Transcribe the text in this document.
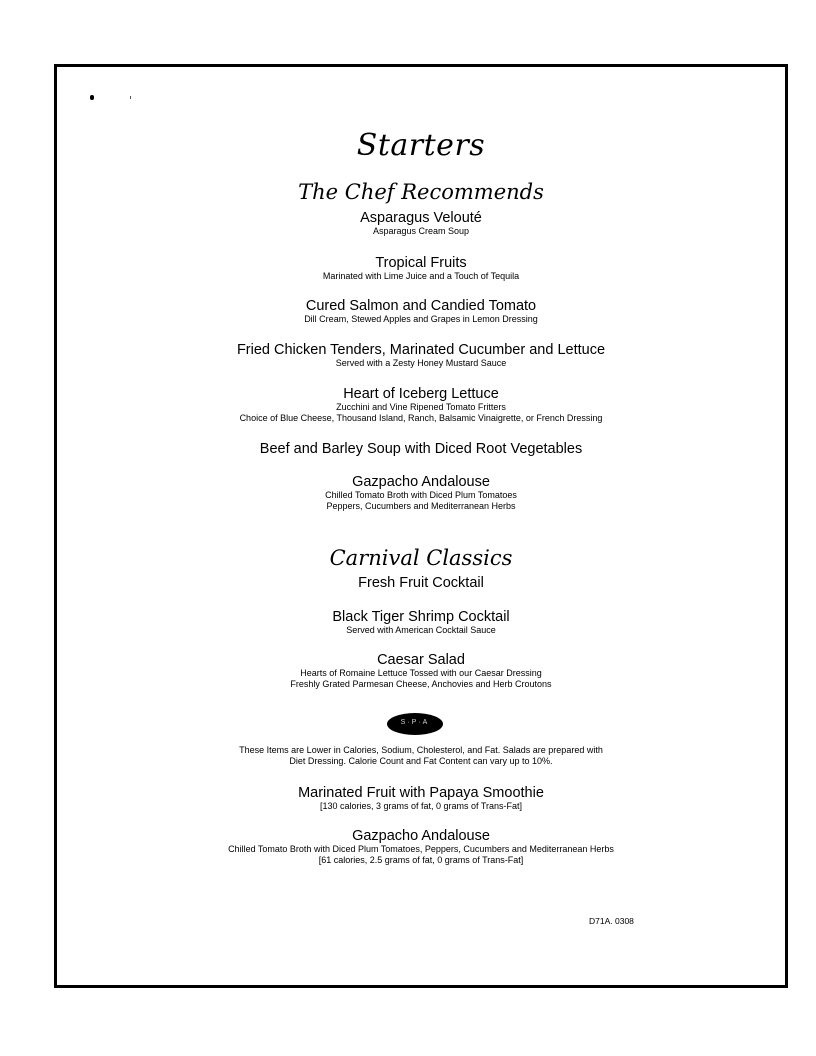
Starters
The Chef Recommends
Asparagus Velouté
Asparagus Cream Soup
Tropical Fruits
Marinated with Lime Juice and a Touch of Tequila
Cured Salmon and Candied Tomato
Dill Cream, Stewed Apples and Grapes in Lemon Dressing
Fried Chicken Tenders, Marinated Cucumber and Lettuce
Served with a Zesty Honey Mustard Sauce
Heart of Iceberg Lettuce
Zucchini and Vine Ripened Tomato Fritters
Choice of Blue Cheese, Thousand Island, Ranch, Balsamic Vinaigrette, or French Dressing
Beef and Barley Soup with Diced Root Vegetables
Gazpacho Andalouse
Chilled Tomato Broth with Diced Plum Tomatoes
Peppers, Cucumbers and Mediterranean Herbs
Carnival Classics
Fresh Fruit Cocktail
Black Tiger Shrimp Cocktail
Served with American Cocktail Sauce
Caesar Salad
Hearts of Romaine Lettuce Tossed with our Caesar Dressing
Freshly Grated Parmesan Cheese, Anchovies and Herb Croutons
S·P·A
These Items are Lower in Calories, Sodium, Cholesterol, and Fat. Salads are prepared with
Diet Dressing. Calorie Count and Fat Content can vary up to 10%.
Marinated Fruit with Papaya Smoothie
[130 calories, 3 grams of fat, 0 grams of Trans-Fat]
Gazpacho Andalouse
Chilled Tomato Broth with Diced Plum Tomatoes, Peppers, Cucumbers and Mediterranean Herbs
[61 calories, 2.5 grams of fat, 0 grams of Trans-Fat]
D71A. 0308
